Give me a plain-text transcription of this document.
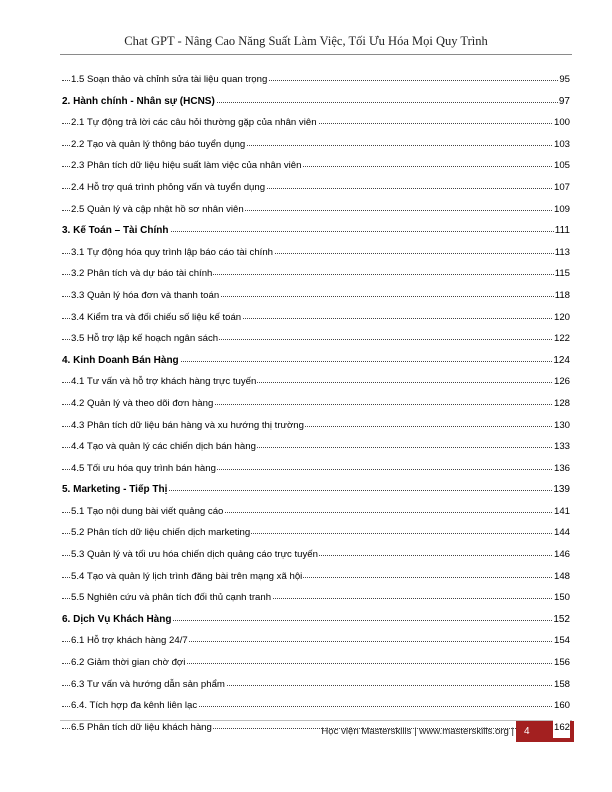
Chat GPT - Nâng Cao Năng Suất Làm Việc, Tối Ưu Hóa Mọi Quy Trình
1.5 Soạn thảo và chỉnh sửa tài liệu quan trọng	95
2. Hành chính - Nhân sự (HCNS)	97
2.1 Tự động trả lời các câu hỏi thường gặp của nhân viên	100
2.2 Tạo và quản lý thông báo tuyển dụng	103
2.3 Phân tích dữ liệu hiệu suất làm việc của nhân viên	105
2.4 Hỗ trợ quá trình phỏng vấn và tuyển dụng	107
2.5 Quản lý và cập nhật hồ sơ nhân viên	109
3. Kế Toán – Tài Chính	111
3.1 Tự động hóa quy trình lập báo cáo tài chính	113
3.2 Phân tích và dự báo tài chính	115
3.3 Quản lý hóa đơn và thanh toán	118
3.4 Kiểm tra và đối chiếu số liệu kế toán	120
3.5 Hỗ trợ lập kế hoạch ngân sách	122
4. Kinh Doanh Bán Hàng	124
4.1 Tư vấn và hỗ trợ khách hàng trực tuyến	126
4.2 Quản lý và theo dõi đơn hàng	128
4.3 Phân tích dữ liệu bán hàng và xu hướng thị trường	130
4.4 Tạo và quản lý các chiến dịch bán hàng	133
4.5 Tối ưu hóa quy trình bán hàng	136
5. Marketing - Tiếp Thị	139
5.1 Tạo nội dung bài viết quảng cáo	141
5.2 Phân tích dữ liệu chiến dịch marketing	144
5.3 Quản lý và tối ưu hóa chiến dịch quảng cáo trực tuyến	146
5.4 Tạo và quản lý lịch trình đăng bài trên mạng xã hội	148
5.5 Nghiên cứu và phân tích đối thủ cạnh tranh	150
6. Dịch Vụ Khách Hàng	152
6.1 Hỗ trợ khách hàng 24/7	154
6.2 Giảm thời gian chờ đợi	156
6.3 Tư vấn và hướng dẫn sản phẩm	158
6.4. Tích hợp đa kênh liên lạc	160
6.5 Phân tích dữ liệu khách hàng	162
Học viện Masterskills | www.masterskills.org |	4
